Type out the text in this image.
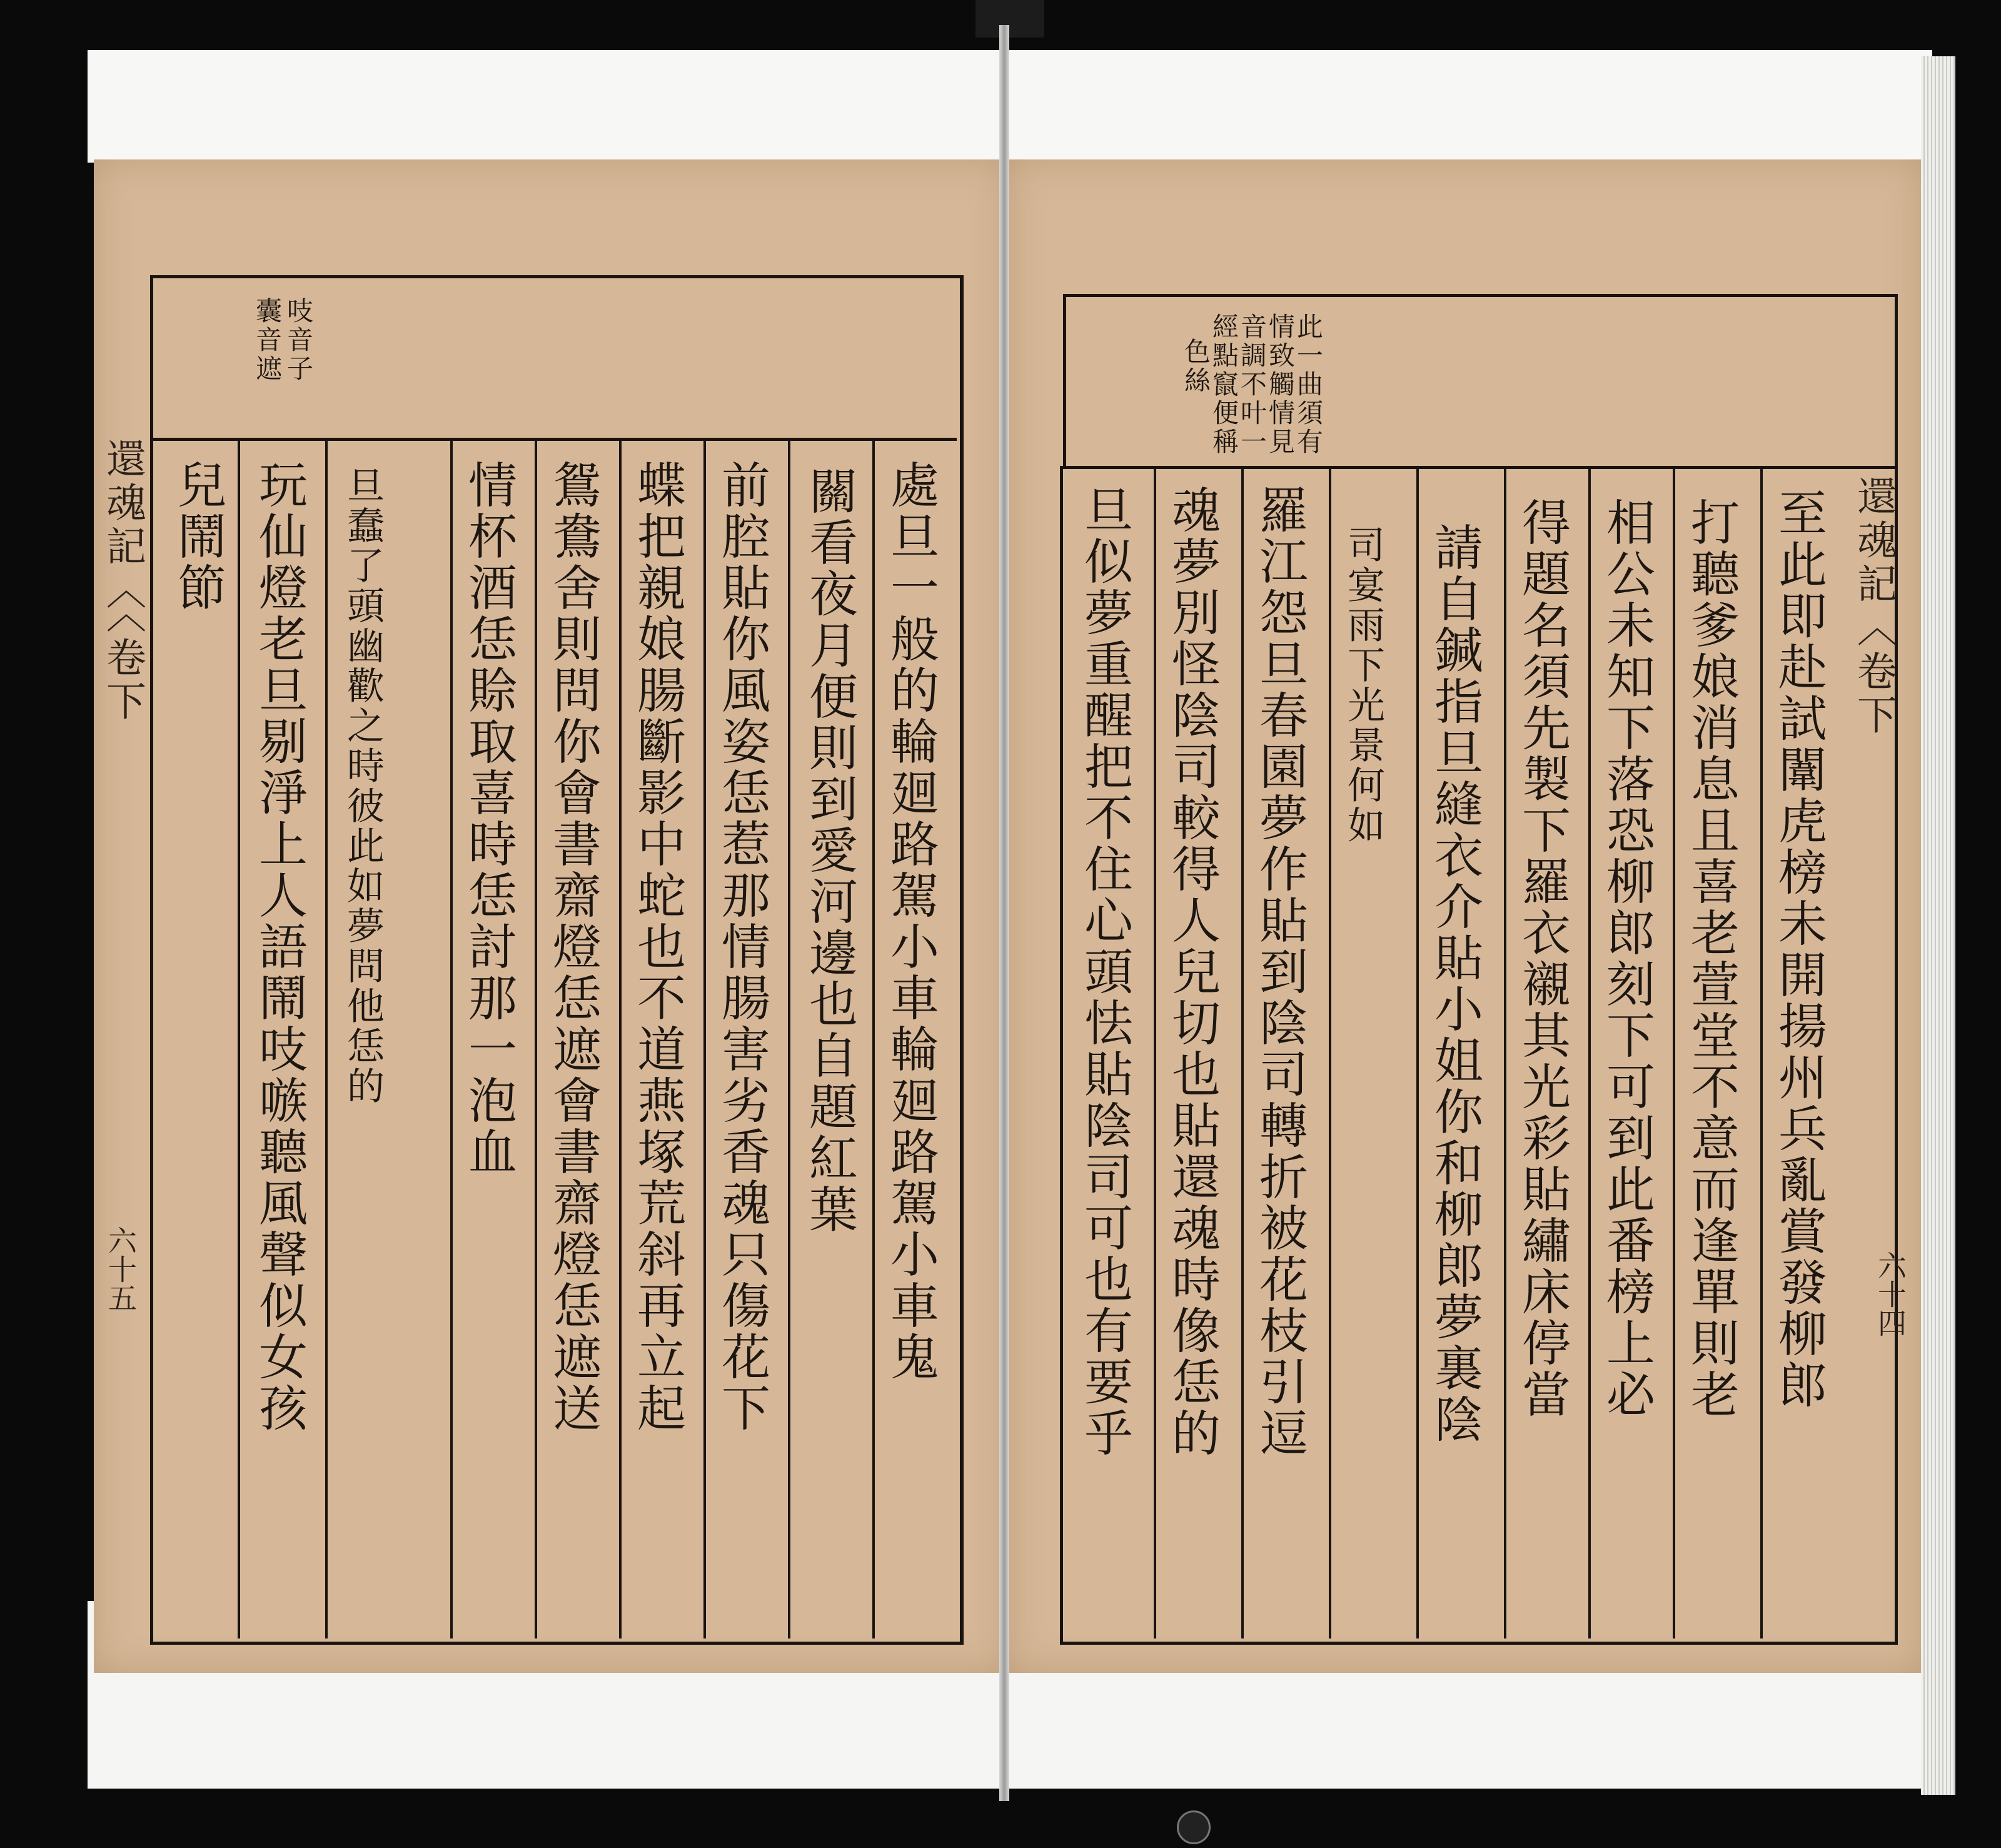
還魂記〈〈卷下
六十五
吱音子
囊音遮
處旦一般的輪廻路駕小車輪廻路駕小車鬼
關看夜月便則到愛河邊也自題紅葉
前腔貼你風姿恁惹那情腸害劣香魂只傷花下
蝶把親娘腸斷影中蛇也不道燕塚荒斜再立起
鴛鴦舍則問你會書齋燈恁遮會書齋燈恁遮送
情杯酒恁賒取喜時恁討那一泡血
旦蠢了頭幽歡之時彼此如夢問他恁的
玩仙燈老旦剔淨上人語鬧吱嗾聽風聲似女孩
兒鬧節	還魂記〈卷下
六十四
此一曲須有
情致觸情見
音調不叶一
經點竄便稱
色絲
至此即赴試闈虎榜未開揚州兵亂賞發柳郎
打聽爹娘消息且喜老萱堂不意而逢單則老
相公未知下落恐柳郎刻下可到此番榜上必
得題名須先製下羅衣襯其光彩貼繡床停當
請自鍼指旦縫衣介貼小姐你和柳郎夢裏陰
司宴雨下光景何如
羅江怨旦春園夢作貼到陰司轉折被花枝引逗
魂夢別怪陰司較得人兒切也貼還魂時像恁的
旦似夢重醒把不住心頭怯貼陰司可也有要乎
